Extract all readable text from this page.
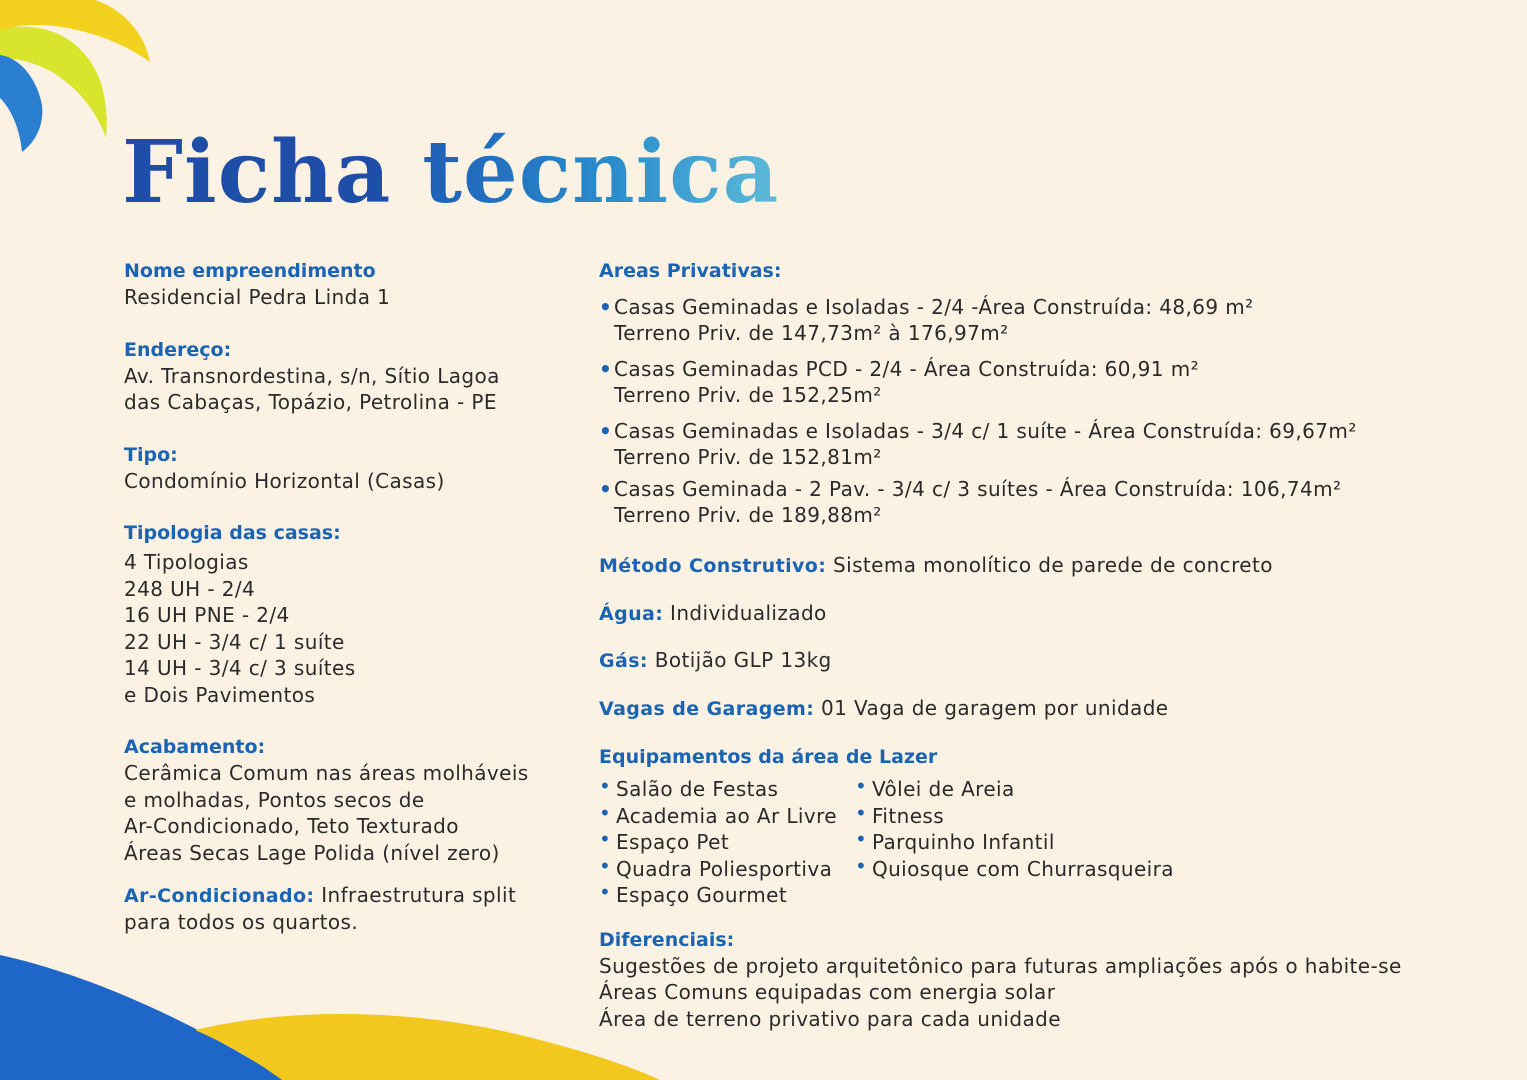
Ficha técnica
Nome empreendimento
Residencial Pedra Linda 1
Endereço:
Av. Transnordestina, s/n, Sítio Lagoa
das Cabaças, Topázio, Petrolina - PE
Tipo:
Condomínio Horizontal (Casas)
Tipologia das casas:
4 Tipologias
248 UH - 2/4
16 UH PNE - 2/4
22 UH - 3/4 c/ 1 suíte
14 UH - 3/4 c/ 3 suítes
e Dois Pavimentos
Acabamento:
Cerâmica Comum nas áreas molháveis
e molhadas, Pontos secos de
Ar-Condicionado, Teto Texturado
Áreas Secas Lage Polida (nível zero)
Ar-Condicionado: Infraestrutura split
para todos os quartos.
Areas Privativas:
• Casas Geminadas e Isoladas - 2/4 -Área Construída: 48,69 m²
Terreno Priv. de 147,73m² à 176,97m²
• Casas Geminadas PCD - 2/4 - Área Construída: 60,91 m²
Terreno Priv. de 152,25m²
• Casas Geminadas e Isoladas - 3/4 c/ 1 suíte - Área Construída: 69,67m²
Terreno Priv. de 152,81m²
• Casas Geminada - 2 Pav. - 3/4 c/ 3 suítes - Área Construída: 106,74m²
Terreno Priv. de 189,88m²
Método Construtivo: Sistema monolítico de parede de concreto
Água: Individualizado
Gás: Botijão GLP 13kg
Vagas de Garagem: 01 Vaga de garagem por unidade
Equipamentos da área de Lazer
• Salão de Festas
• Academia ao Ar Livre
• Espaço Pet
• Quadra Poliesportiva
• Espaço Gourmet
• Vôlei de Areia
• Fitness
• Parquinho Infantil
• Quiosque com Churrasqueira
Diferenciais:
Sugestões de projeto arquitetônico para futuras ampliações após o habite-se
Áreas Comuns equipadas com energia solar
Área de terreno privativo para cada unidade
